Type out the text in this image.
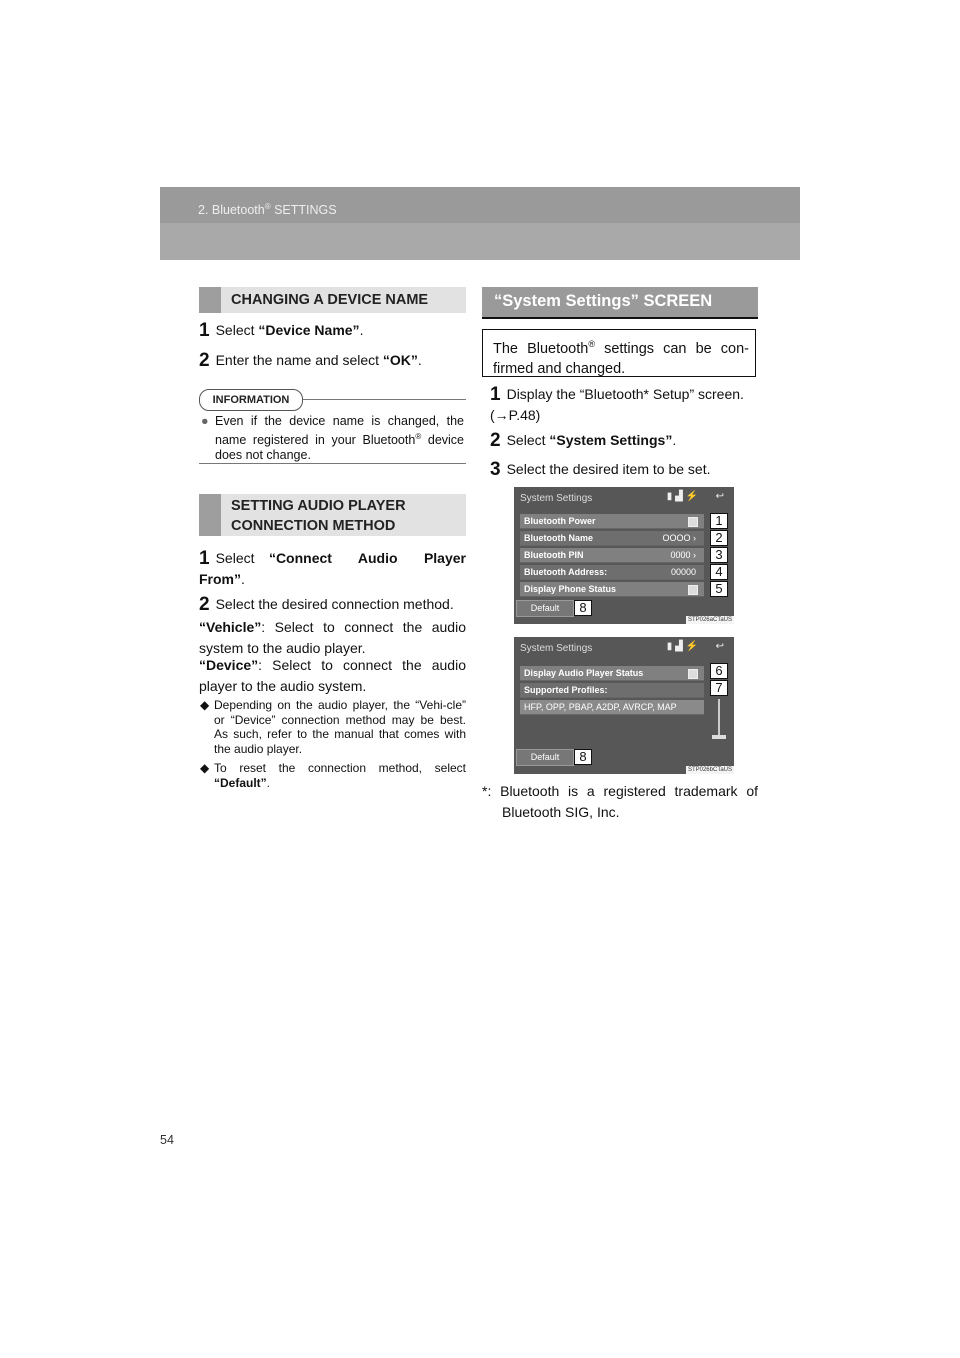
2. Bluetooth® SETTINGS
CHANGING A DEVICE NAME
1 Select “Device Name”.
2 Enter the name and select “OK”.
INFORMATION
● Even if the device name is changed, the name registered in your Bluetooth® device does not change.
SETTING AUDIO PLAYER
CONNECTION METHOD
1 Select “Connect Audio Player From”.
2 Select the desired connection method.
“Vehicle”: Select to connect the audio system to the audio player.
“Device”: Select to connect the audio player to the audio system.
◆ Depending on the audio player, the “Vehi-cle” or “Device” connection method may be best. As such, refer to the manual that comes with the audio player.
◆ To reset the connection method, select “Default”.
“System Settings” SCREEN
The Bluetooth® settings can be con-firmed and changed.
1 Display the “Bluetooth* Setup” screen. (→P.48)
2 Select “System Settings”.
3 Select the desired item to be set.
System Settings	▮ ▟ ⚡ ↩
Bluetooth Power
Bluetooth Name	OOOO ›
Bluetooth PIN	0000 ›
Bluetooth Address:	00000
Display Phone Status
Default
1
2
3
4
5
8
STP026aCTaUS
System Settings	▮ ▟ ⚡ ↩
Display Audio Player Status
Supported Profiles:
HFP, OPP, PBAP, A2DP, AVRCP, MAP
Default
6
7
8
STP026bCTaUS
*: Bluetooth is a registered trademark of Bluetooth SIG, Inc.
54
